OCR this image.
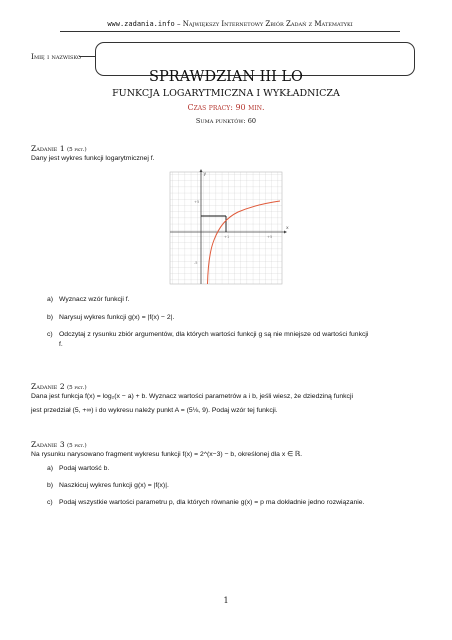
www.zadania.info – Największy Internetowy Zbiór Zadań z Matematyki
Imię i nazwisko
SPRAWDZIAN III LO
FUNKCJA LOGARYTMICZNA I WYKŁADNICZA
Czas pracy: 90 min.
Suma punktów: 60
Zadanie 1 (5 pkt.)
Dany jest wykres funkcji logarytmicznej f.
x
y
+1	+5
+5
-5
a) Wyznacz wzór funkcji f.
b) Narysuj wykres funkcji g(x) = |f(x) − 2|.
c) Odczytaj z rysunku zbiór argumentów, dla których wartości funkcji g są nie mniejsze od wartości funkcji
f.
Zadanie 2 (5 pkt.)
Dana jest funkcja f(x) = log₂(x − a) + b. Wyznacz wartości parametrów a i b, jeśli wiesz, że dziedziną funkcji
jest przedział (5, +∞) i do wykresu należy punkt A = (5⅛, 9). Podaj wzór tej funkcji.
Zadanie 3 (5 pkt.)
Na rysunku narysowano fragment wykresu funkcji f(x) = 2^(x−3) − b, określonej dla x ∈ ℝ.
a) Podaj wartość b.
b) Naszkicuj wykres funkcji g(x) = |f(x)|.
c) Podaj wszystkie wartości parametru p, dla których równanie g(x) = p ma dokładnie jedno rozwiązanie.
1
